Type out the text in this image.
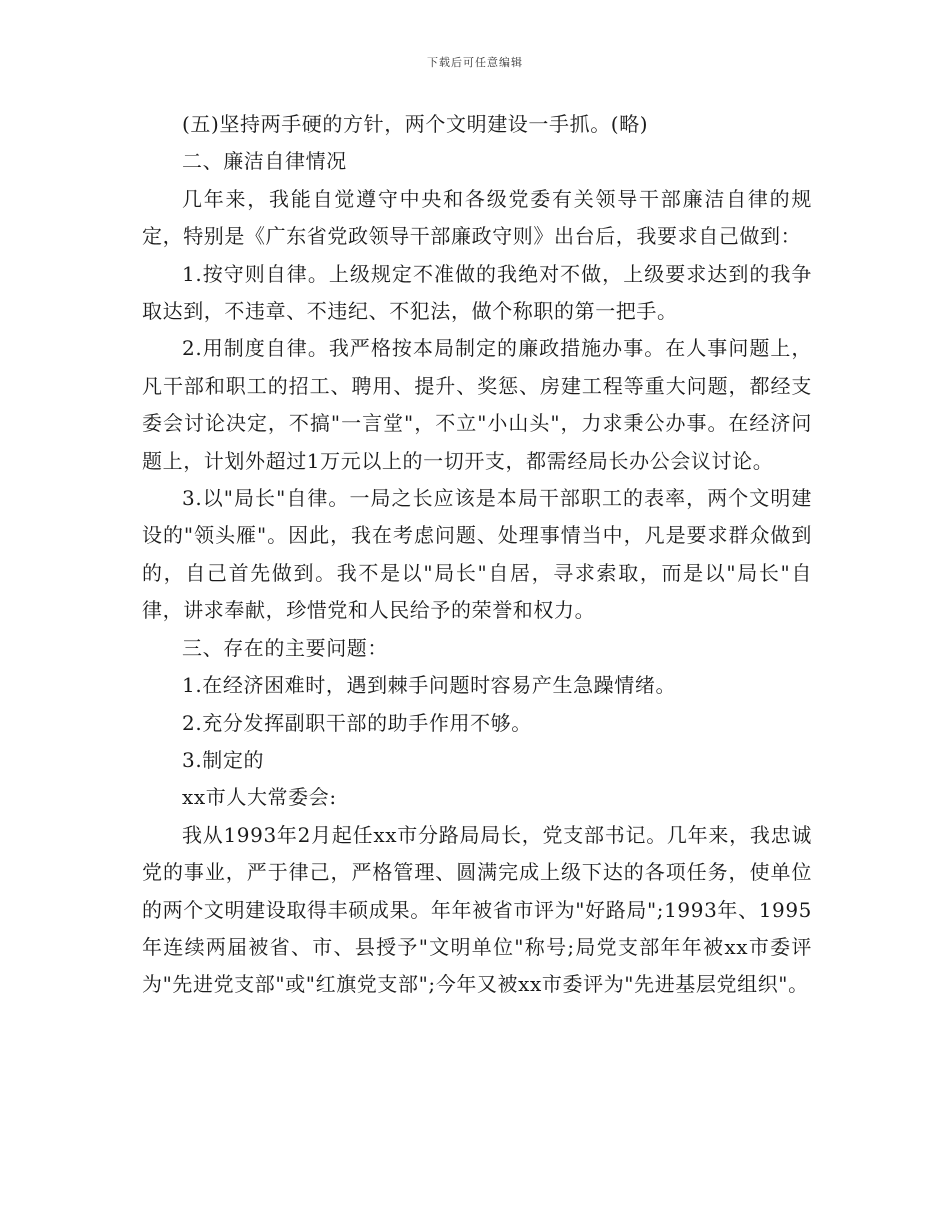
下载后可任意编辑

(五)坚持两手硬的方针，两个文明建设一手抓。(略)

二、廉洁自律情况

几年来，我能自觉遵守中央和各级党委有关领导干部廉洁自律的规定，特别是《广东省党政领导干部廉政守则》出台后，我要求自己做到：

1.按守则自律。上级规定不准做的我绝对不做，上级要求达到的我争取达到，不违章、不违纪、不犯法，做个称职的第一把手。

2.用制度自律。我严格按本局制定的廉政措施办事。在人事问题上，凡干部和职工的招工、聘用、提升、奖惩、房建工程等重大问题，都经支委会讨论决定，不搞"一言堂"，不立"小山头"，力求秉公办事。在经济问题上，计划外超过1万元以上的一切开支，都需经局长办公会议讨论。

3.以"局长"自律。一局之长应该是本局干部职工的表率，两个文明建设的"领头雁"。因此，我在考虑问题、处理事情当中，凡是要求群众做到的，自己首先做到。我不是以"局长"自居，寻求索取，而是以"局长"自律，讲求奉献，珍惜党和人民给予的荣誉和权力。

三、存在的主要问题：

1.在经济困难时，遇到棘手问题时容易产生急躁情绪。

2.充分发挥副职干部的助手作用不够。

3.制定的

xx市人大常委会:

我从1993年2月起任xx市分路局局长，党支部书记。几年来，我忠诚党的事业，严于律己，严格管理、圆满完成上级下达的各项任务，使单位的两个文明建设取得丰硕成果。年年被省市评为"好路局";1993年、1995年连续两届被省、市、县授予"文明单位"称号;局党支部年年被xx市委评为"先进党支部"或"红旗党支部";今年又被xx市委评为"先进基层党组织"。
